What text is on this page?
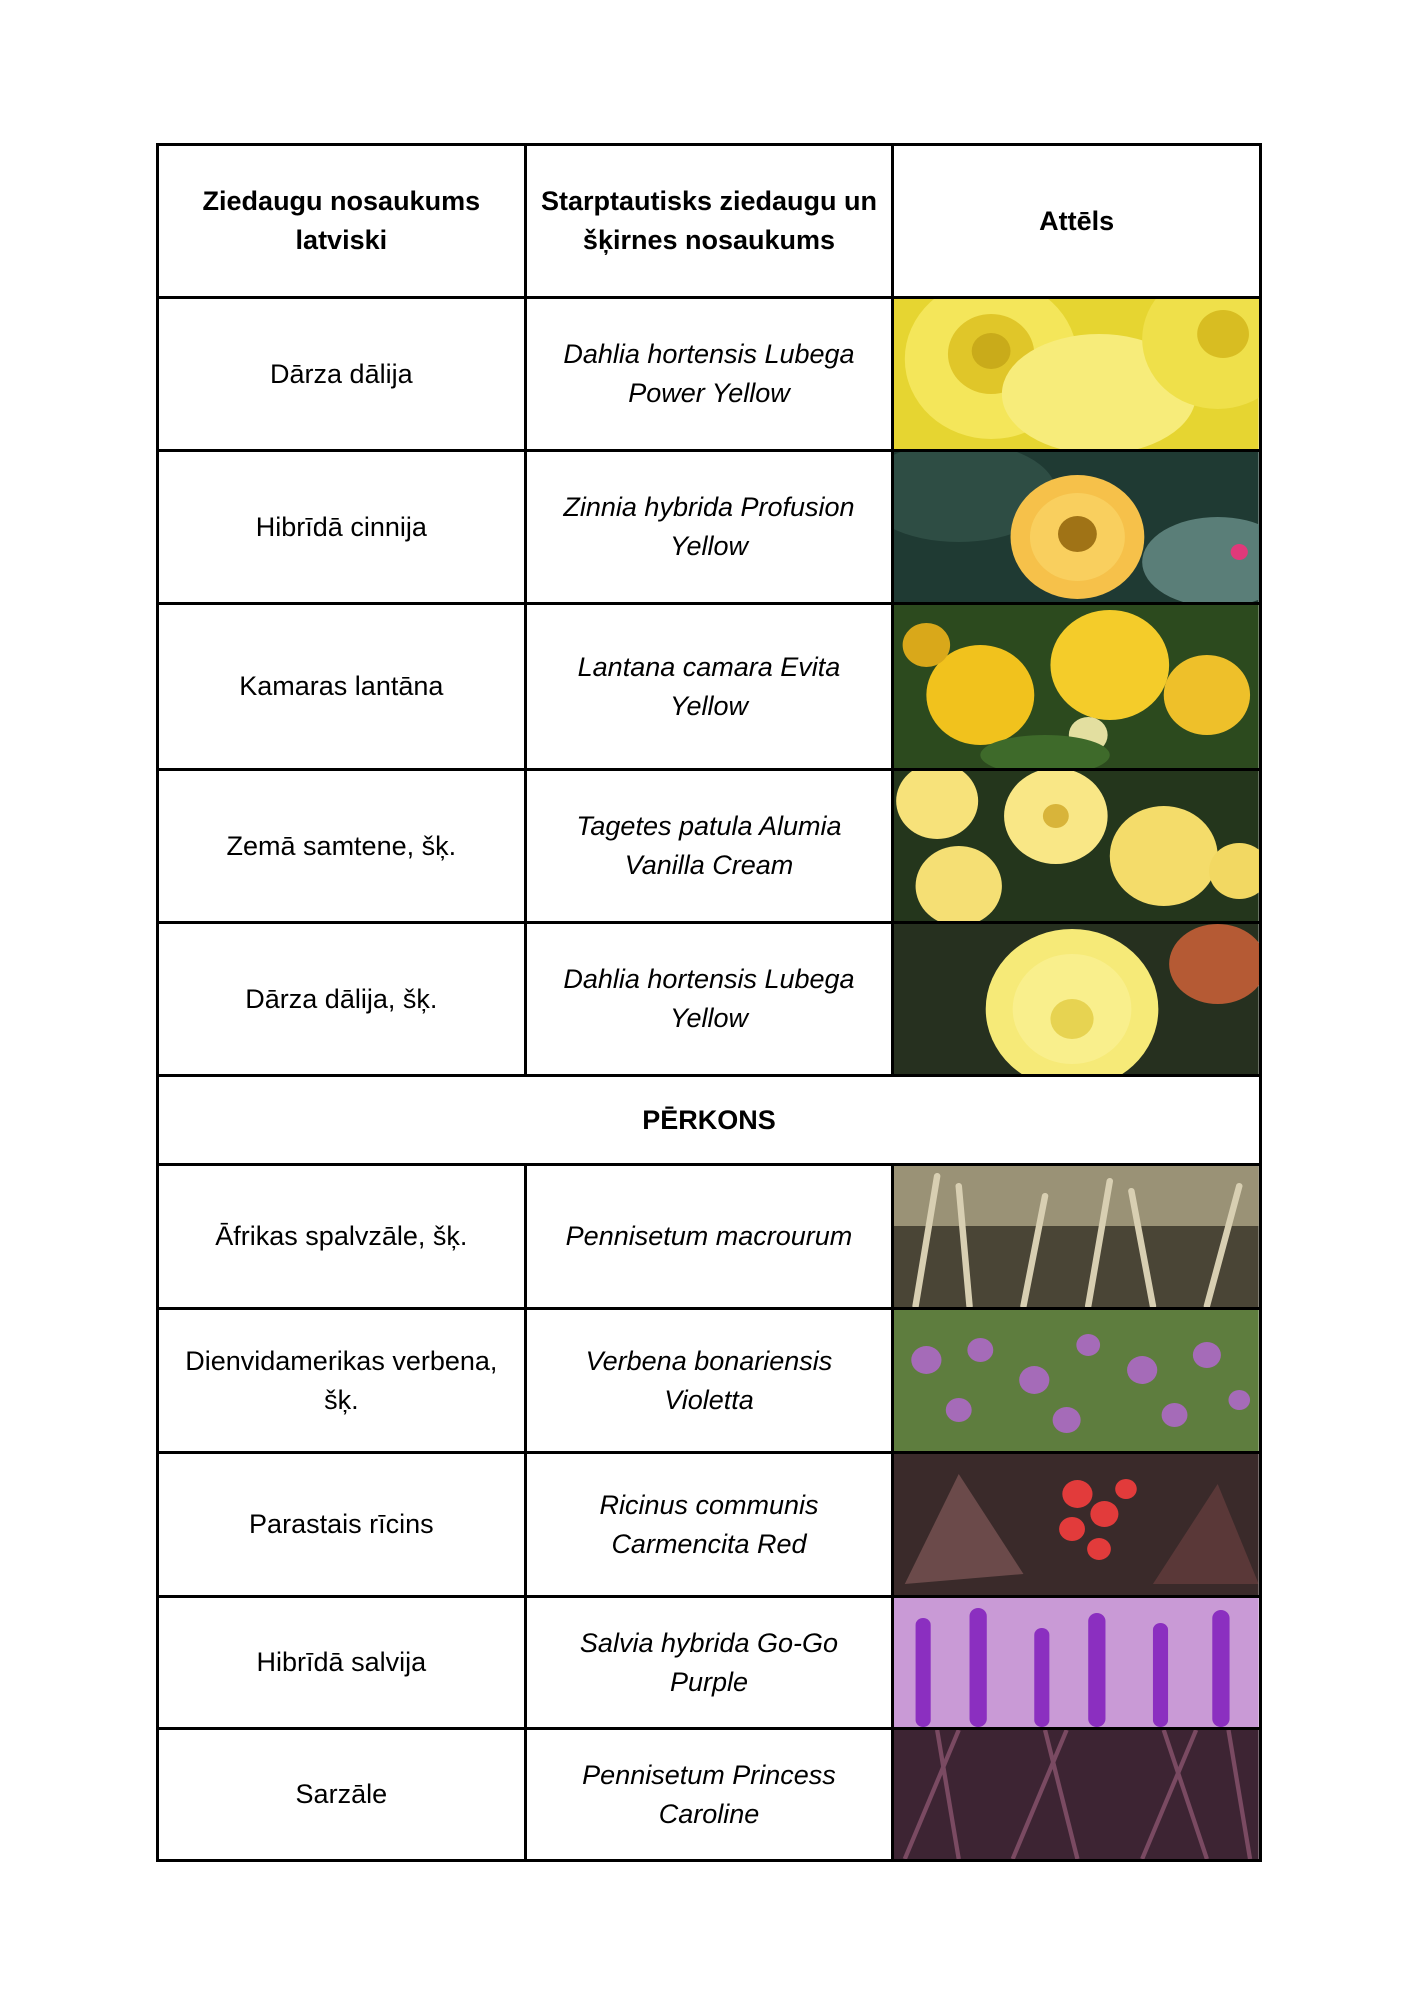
Ziedaugu nosaukums latviski	Starptautisks ziedaugu un šķirnes nosaukums	Attēls
Dārza dālija	Dahlia hortensis Lubega Power Yellow	

Hibrīdā cinnija	Zinnia hybrida Profusion Yellow	

Kamaras lantāna	Lantana camara Evita Yellow	

Zemā samtene, šķ.	Tagetes patula Alumia Vanilla Cream	

Dārza dālija, šķ.	Dahlia hortensis Lubega Yellow	

PĒRKONS		
Āfrikas spalvzāle, šķ.	Pennisetum macrourum	

Dienvidamerikas verbena, šķ.	Verbena bonariensis Violetta	

Parastais rīcins	Ricinus communis Carmencita Red	

Hibrīdā salvija	Salvia hybrida Go-Go Purple	

Sarzāle	Pennisetum Princess Caroline	
